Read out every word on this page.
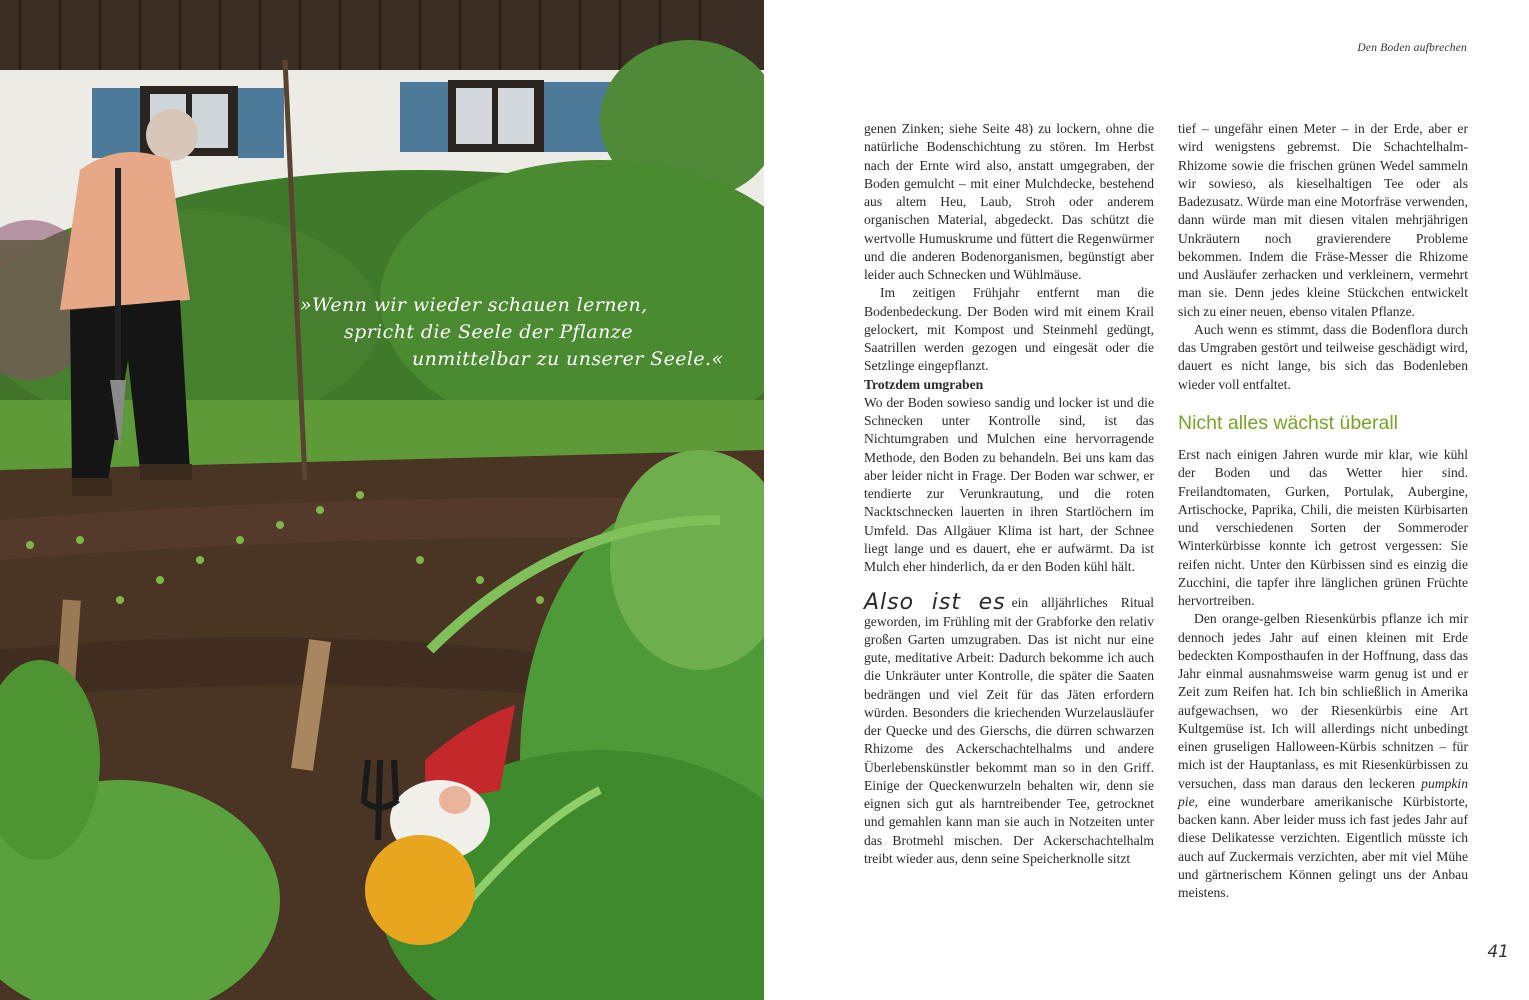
»Wenn wir wieder schauen lernen,
spricht die Seele der Pflanze
unmittelbar zu unserer Seele.«
Den Boden aufbrechen

genen Zinken; siehe Seite 48) zu lockern, ohne die natürliche Bodenschichtung zu stören. Im Herbst nach der Ernte wird also, anstatt umgegraben, der Boden gemulcht – mit einer Mulchdecke, bestehend aus altem Heu, Laub, Stroh oder anderem organischen Material, abgedeckt. Das schützt die wertvolle Humuskrume und füttert die Regenwürmer und die anderen Bodenorganismen, begünstigt aber leider auch Schnecken und Wühlmäuse.

Im zeitigen Frühjahr entfernt man die Bodenbedeckung. Der Boden wird mit einem Krail gelockert, mit Kompost und Steinmehl gedüngt, Saatrillen werden gezogen und eingesät oder die Setzlinge eingepflanzt.

Trotzdem umgraben

Wo der Boden sowieso sandig und locker ist und die Schnecken unter Kontrolle sind, ist das Nichtumgraben und Mulchen eine hervorragende Methode, den Boden zu behandeln. Bei uns kam das aber leider nicht in Frage. Der Boden war schwer, er tendierte zur Verunkrautung, und die roten Nacktschnecken lauerten in ihren Startlöchern im Umfeld. Das Allgäuer Klima ist hart, der Schnee liegt lange und es dauert, ehe er aufwärmt. Da ist Mulch eher hinderlich, da er den Boden kühl hält.

Also ist es ein alljährliches Ritual geworden, im Frühling mit der Grabforke den relativ großen Garten umzugraben. Das ist nicht nur eine gute, meditative Arbeit: Dadurch bekomme ich auch die Unkräuter unter Kontrolle, die später die Saaten bedrängen und viel Zeit für das Jäten erfordern würden. Besonders die kriechenden Wurzelausläufer der Quecke und des Gierschs, die dürren schwarzen Rhizome des Ackerschachtelhalms und andere Überlebenskünstler bekommt man so in den Griff. Einige der Queckenwurzeln behalten wir, denn sie eignen sich gut als harntreibender Tee, getrocknet und gemahlen kann man sie auch in Notzeiten unter das Brotmehl mischen. Der Ackerschachtelhalm treibt wieder aus, denn seine Speicherknolle sitzt

tief – ungefähr einen Meter – in der Erde, aber er wird wenigstens gebremst. Die Schachtelhalm-Rhizome sowie die frischen grünen Wedel sammeln wir sowieso, als kieselhaltigen Tee oder als Badezusatz. Würde man eine Motorfräse verwenden, dann würde man mit diesen vitalen mehrjährigen Unkräutern noch gravierendere Probleme bekommen. Indem die Fräse-Messer die Rhizome und Ausläufer zerhacken und verkleinern, vermehrt man sie. Denn jedes kleine Stückchen entwickelt sich zu einer neuen, ebenso vitalen Pflanze.

Auch wenn es stimmt, dass die Bodenflora durch das Umgraben gestört und teilweise geschädigt wird, dauert es nicht lange, bis sich das Bodenleben wieder voll entfaltet.

Nicht alles wächst überall

Erst nach einigen Jahren wurde mir klar, wie kühl der Boden und das Wetter hier sind. Freilandtomaten, Gurken, Portulak, Aubergine, Artischocke, Paprika, Chili, die meisten Kürbisarten und verschiedenen Sorten der Sommeroder Winterkürbisse konnte ich getrost vergessen: Sie reifen nicht. Unter den Kürbissen sind es einzig die Zucchini, die tapfer ihre länglichen grünen Früchte hervortreiben.

Den orange-gelben Riesenkürbis pflanze ich mir dennoch jedes Jahr auf einen kleinen mit Erde bedeckten Komposthaufen in der Hoffnung, dass das Jahr einmal ausnahmsweise warm genug ist und er Zeit zum Reifen hat. Ich bin schließlich in Amerika aufgewachsen, wo der Riesenkürbis eine Art Kultgemüse ist. Ich will allerdings nicht unbedingt einen gruseligen Halloween-Kürbis schnitzen – für mich ist der Hauptanlass, es mit Riesenkürbissen zu versuchen, dass man daraus den leckeren pumpkin pie, eine wunderbare amerikanische Kürbistorte, backen kann. Aber leider muss ich fast jedes Jahr auf diese Delikatesse verzichten. Eigentlich müsste ich auch auf Zuckermais verzichten, aber mit viel Mühe und gärtnerischem Können gelingt uns der Anbau meistens.

41
